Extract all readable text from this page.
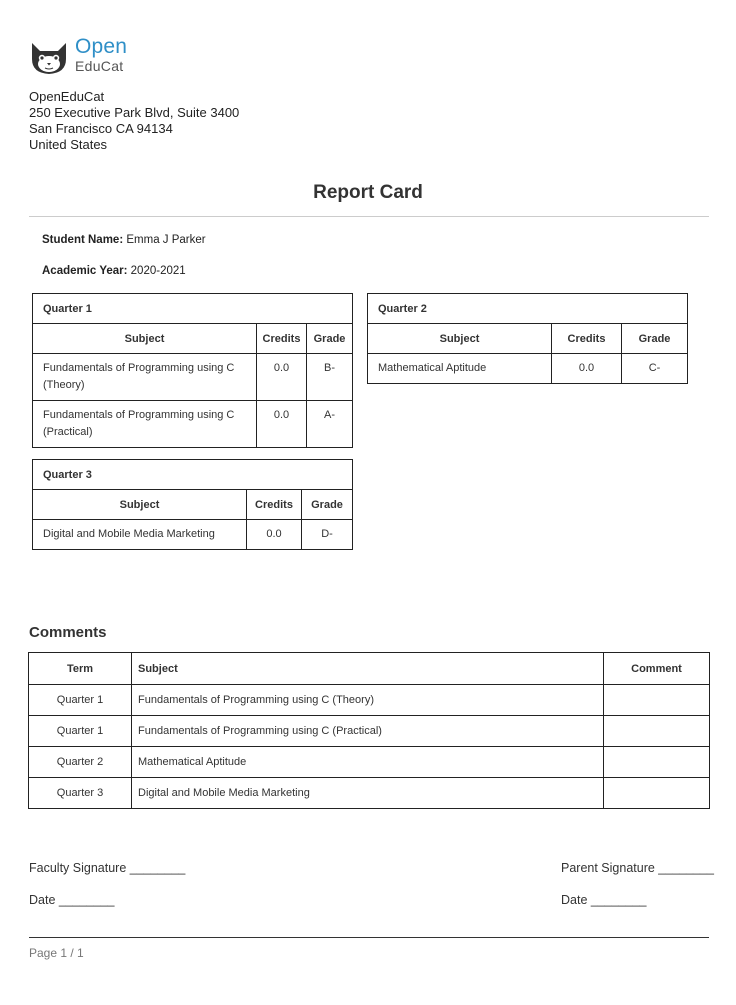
Open
EduCat
OpenEduCat
250 Executive Park Blvd, Suite 3400
San Francisco CA 94134
United States
Report Card
Student Name: Emma J Parker
Academic Year: 2020-2021
Quarter 1		
Subject	Credits	Grade
Fundamentals of Programming using C (Theory)	0.0	B-
Fundamentals of Programming using C (Practical)	0.0	A-
Quarter 2		
Subject	Credits	Grade
Mathematical Aptitude	0.0	C-
Quarter 3		
Subject	Credits	Grade
Digital and Mobile Media Marketing	0.0	D-
Comments
Term	Subject	Comment
Quarter 1	Fundamentals of Programming using C (Theory)	
Quarter 1	Fundamentals of Programming using C (Practical)	
Quarter 2	Mathematical Aptitude	
Quarter 3	Digital and Mobile Media Marketing	
Faculty Signature ________	Parent Signature ________
Date ________	Date ________
Page 1 / 1
